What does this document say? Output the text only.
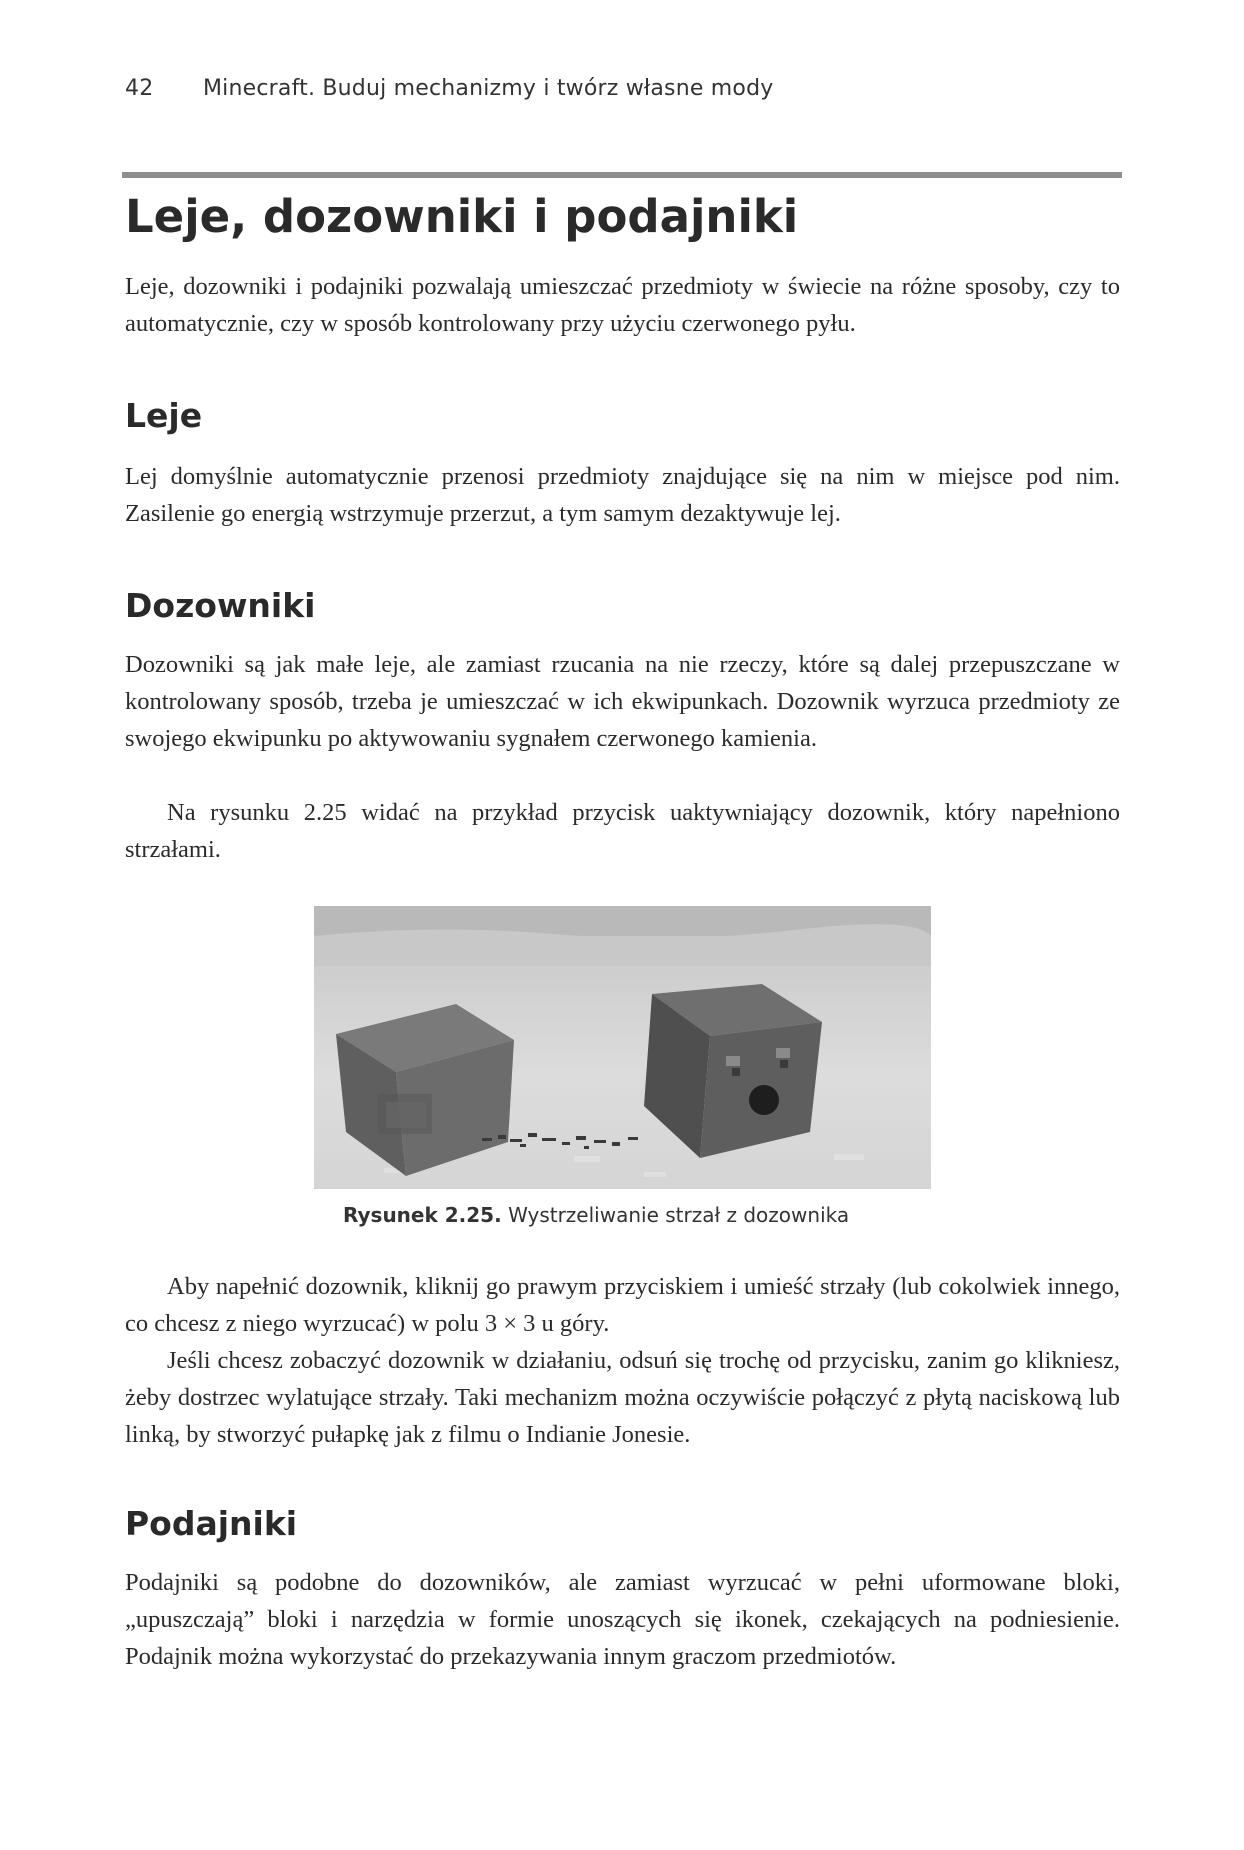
42 Minecraft. Buduj mechanizmy i twórz własne mody
Leje, dozowniki i podajniki

Leje, dozowniki i podajniki pozwalają umieszczać przedmioty w świecie na różne sposoby, czy to automatycznie, czy w sposób kontrolowany przy użyciu czerwonego pyłu.

Leje

Lej domyślnie automatycznie przenosi przedmioty znajdujące się na nim w miejsce pod nim. Zasilenie go energią wstrzymuje przerzut, a tym samym dezaktywuje lej.

Dozowniki

Dozowniki są jak małe leje, ale zamiast rzucania na nie rzeczy, które są dalej przepuszczane w kontrolowany sposób, trzeba je umieszczać w ich ekwipunkach. Dozownik wyrzuca przedmioty ze swojego ekwipunku po aktywowaniu sygnałem czerwonego kamienia.

Na rysunku 2.25 widać na przykład przycisk uaktywniający dozownik, który napełniono strzałami.

Rysunek 2.25. Wystrzeliwanie strzał z dozownika

Aby napełnić dozownik, kliknij go prawym przyciskiem i umieść strzały (lub cokolwiek innego, co chcesz z niego wyrzucać) w polu 3 × 3 u góry.

Jeśli chcesz zobaczyć dozownik w działaniu, odsuń się trochę od przycisku, zanim go klikniesz, żeby dostrzec wylatujące strzały. Taki mechanizm można oczywiście połączyć z płytą naciskową lub linką, by stworzyć pułapkę jak z filmu o Indianie Jonesie.

Podajniki

Podajniki są podobne do dozowników, ale zamiast wyrzucać w pełni uformowane bloki, „upuszczają” bloki i narzędzia w formie unoszących się ikonek, czekających na podniesienie. Podajnik można wykorzystać do przekazywania innym graczom przedmiotów.
